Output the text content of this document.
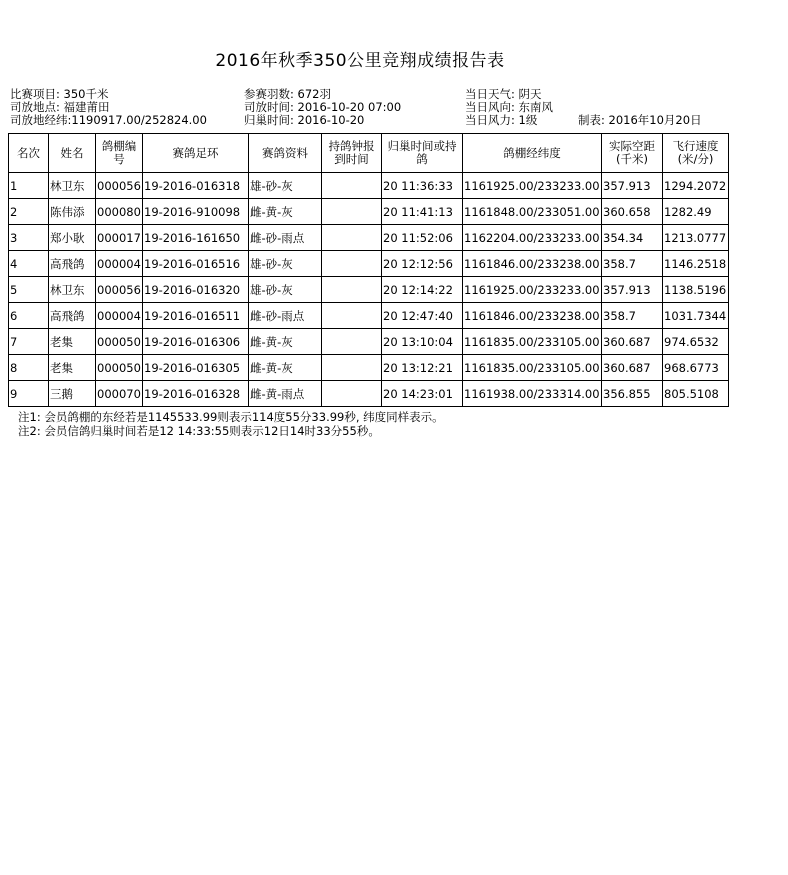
2016年秋季350公里竞翔成绩报告表
比赛项目: 350千米
司放地点: 福建莆田
司放地经纬:1190917.00/252824.00
参赛羽数: 672羽
司放时间: 2016-10-20 07:00
归巢时间: 2016-10-20
当日天气: 阴天
当日风向: 东南风
当日风力: 1级	制表: 2016年10月20日
名次	姓名	鸽棚编号	赛鸽足环	赛鸽资料	持鸽钟报到时间	归巢时间或持鸽	鸽棚经纬度	实际空距(千米)	飞行速度(米/分)
1	林卫东	000056	19-2016-016318	雄-砂-灰		20 11:36:33	1161925.00/233233.00	357.913	1294.2072
2	陈伟添	000080	19-2016-910098	雌-黄-灰		20 11:41:13	1161848.00/233051.00	360.658	1282.49
3	郑小耿	000017	19-2016-161650	雌-砂-雨点		20 11:52:06	1162204.00/233233.00	354.34	1213.0777
4	高飛鸽	000004	19-2016-016516	雄-砂-灰		20 12:12:56	1161846.00/233238.00	358.7	1146.2518
5	林卫东	000056	19-2016-016320	雄-砂-灰		20 12:14:22	1161925.00/233233.00	357.913	1138.5196
6	高飛鸽	000004	19-2016-016511	雌-砂-雨点		20 12:47:40	1161846.00/233238.00	358.7	1031.7344
7	老集	000050	19-2016-016306	雌-黄-灰		20 13:10:04	1161835.00/233105.00	360.687	974.6532
8	老集	000050	19-2016-016305	雌-黄-灰		20 13:12:21	1161835.00/233105.00	360.687	968.6773
9	三鹅	000070	19-2016-016328	雌-黄-雨点		20 14:23:01	1161938.00/233314.00	356.855	805.5108
注1: 会员鸽棚的东经若是1145533.99则表示114度55分33.99秒, 纬度同样表示。
注2: 会员信鸽归巢时间若是12 14:33:55则表示12日14时33分55秒。
